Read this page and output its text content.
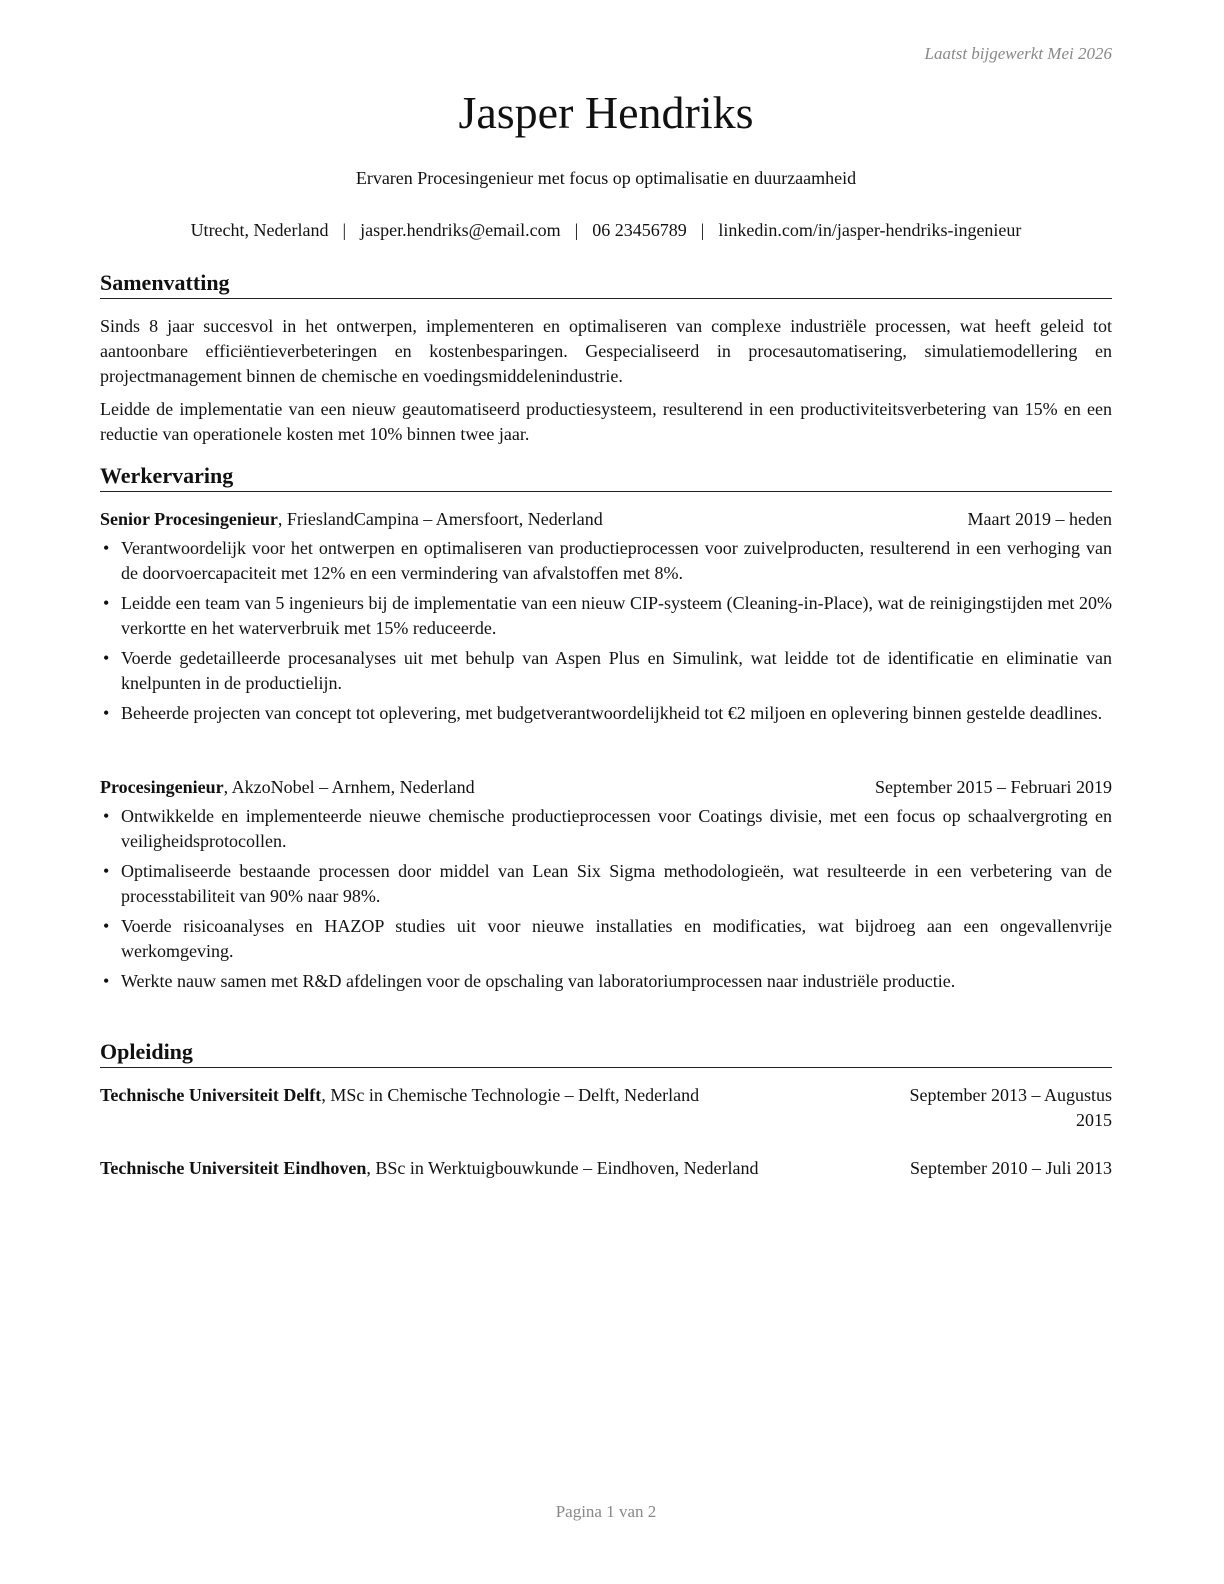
Laatst bijgewerkt Mei 2026
Jasper Hendriks
Ervaren Procesingenieur met focus op optimalisatie en duurzaamheid
Utrecht, Nederland | jasper.hendriks@email.com | 06 23456789 | linkedin.com/in/jasper-hendriks-ingenieur
Samenvatting

Sinds 8 jaar succesvol in het ontwerpen, implementeren en optimaliseren van complexe industriële processen, wat heeft geleid tot aantoonbare efficiëntieverbeteringen en kostenbesparingen. Gespecialiseerd in procesautomatisering, simulatiemodellering en projectmanagement binnen de chemische en voedingsmiddelenindustrie.

Leidde de implementatie van een nieuw geautomatiseerd productiesysteem, resulterend in een productiviteitsverbetering van 15% en een reductie van operationele kosten met 10% binnen twee jaar.

Werkervaring
Senior Procesingenieur, FrieslandCampina – Amersfoort, Nederland	Maart 2019 – heden
• Verantwoordelijk voor het ontwerpen en optimaliseren van productieprocessen voor zuivelproducten, resulterend in een verhoging van de doorvoercapaciteit met 12% en een vermindering van afvalstoffen met 8%.
• Leidde een team van 5 ingenieurs bij de implementatie van een nieuw CIP-systeem (Cleaning-in-Place), wat de reinigingstijden met 20% verkortte en het waterverbruik met 15% reduceerde.
• Voerde gedetailleerde procesanalyses uit met behulp van Aspen Plus en Simulink, wat leidde tot de identificatie en eliminatie van knelpunten in de productielijn.
• Beheerde projecten van concept tot oplevering, met budgetverantwoordelijkheid tot €2 miljoen en oplevering binnen gestelde deadlines.
Procesingenieur, AkzoNobel – Arnhem, Nederland	September 2015 – Februari 2019
• Ontwikkelde en implementeerde nieuwe chemische productieprocessen voor Coatings divisie, met een focus op schaalvergroting en veiligheidsprotocollen.
• Optimaliseerde bestaande processen door middel van Lean Six Sigma methodologieën, wat resulteerde in een verbetering van de processtabiliteit van 90% naar 98%.
• Voerde risicoanalyses en HAZOP studies uit voor nieuwe installaties en modificaties, wat bijdroeg aan een ongevallenvrije werkomgeving.
• Werkte nauw samen met R&D afdelingen voor de opschaling van laboratoriumprocessen naar industriële productie.
Opleiding
Technische Universiteit Delft, MSc in Chemische Technologie – Delft, Nederland	September 2013 – Augustus 2015
Technische Universiteit Eindhoven, BSc in Werktuigbouwkunde – Eindhoven, Nederland	September 2010 – Juli 2013
Pagina 1 van 2
